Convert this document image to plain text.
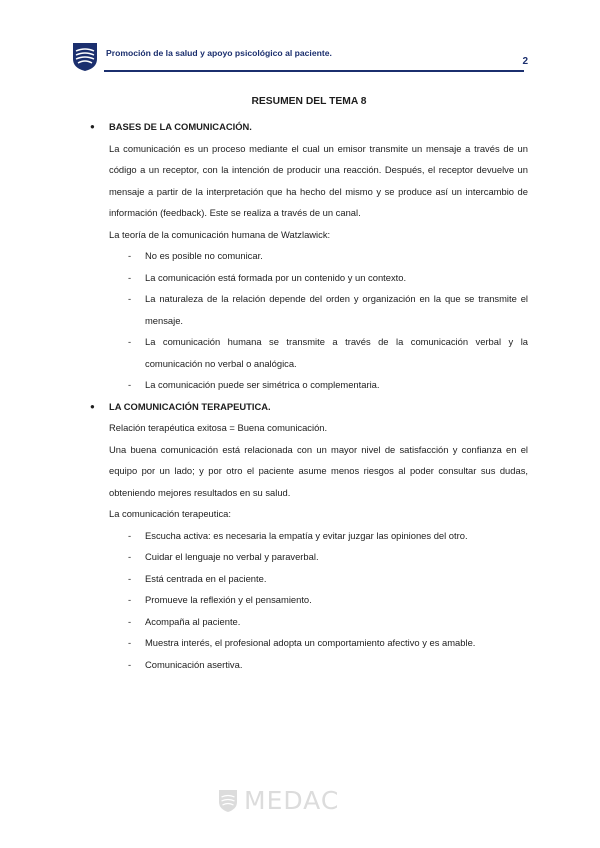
Promoción de la salud y apoyo psicológico al paciente.
2
RESUMEN DEL TEMA 8
● BASES DE LA COMUNICACIÓN.
La comunicación es un proceso mediante el cual un emisor transmite un mensaje a través de un código a un receptor, con la intención de producir una reacción. Después, el receptor devuelve un mensaje a partir de la interpretación que ha hecho del mismo y se produce así un intercambio de información (feedback). Este se realiza a través de un canal.
La teoría de la comunicación humana de Watzlawick:
- No es posible no comunicar.
- La comunicación está formada por un contenido y un contexto.
- La naturaleza de la relación depende del orden y organización en la que se transmite el mensaje.
- La comunicación humana se transmite a través de la comunicación verbal y la comunicación no verbal o analógica.
- La comunicación puede ser simétrica o complementaria.
● LA COMUNICACIÓN TERAPEUTICA.
Relación terapéutica exitosa = Buena comunicación.
Una buena comunicación está relacionada con un mayor nivel de satisfacción y confianza en el equipo por un lado; y por otro el paciente asume menos riesgos al poder consultar sus dudas, obteniendo mejores resultados en su salud.
La comunicación terapeutica:
- Escucha activa: es necesaria la empatía y evitar juzgar las opiniones del otro.
- Cuidar el lenguaje no verbal y paraverbal.
- Está centrada en el paciente.
- Promueve la reflexión y el pensamiento.
- Acompaña al paciente.
- Muestra interés, el profesional adopta un comportamiento afectivo y es amable.
- Comunicación asertiva.
MEDAC
